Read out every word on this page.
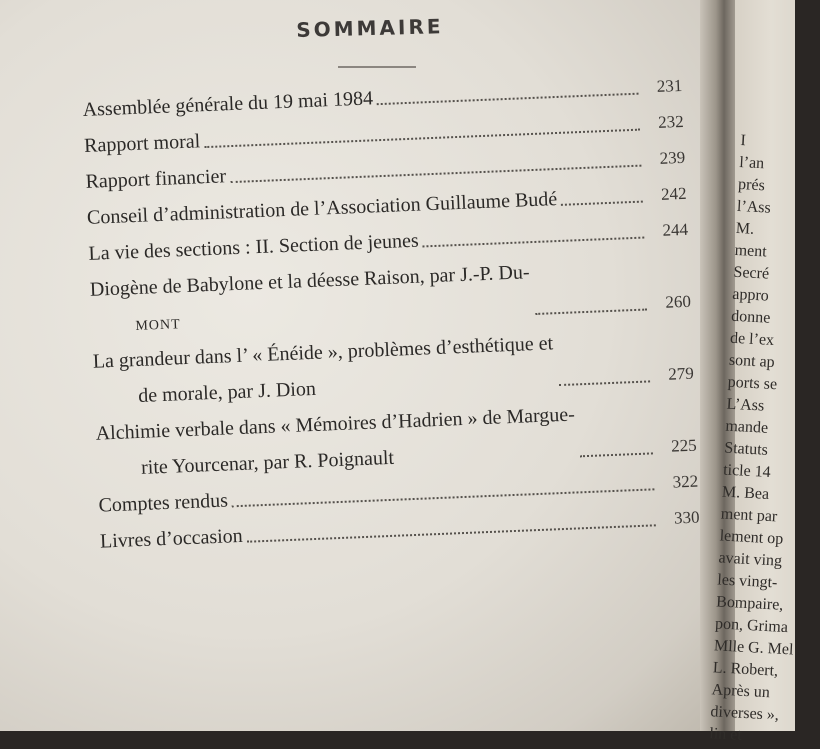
SOMMAIRE
Assemblée générale du 19 mai 1984
231
Rapport moral
232
Rapport financier
239
Conseil d’administration de l’Association Guillaume Budé	242
La vie des sections : II. Section de jeunes	244
Diogène de Babylone et la déesse Raison, par J.-P. Du-
mont
260
La grandeur dans l’ « Énéide », problèmes d’esthétique et
de morale, par J. Dion
279
Alchimie verbale dans « Mémoires d’Hadrien » de Margue-
rite Yourcenar, par R. Poignault
225
Comptes rendus
322
Livres d’occasion
330
I
l’an
prés
l’Ass
M.
ment
Secré
appro
donne
de l’ex
sont ap
ports se
L’Ass
mande
Statuts
ticle 14
M. Bea
ment par
lement op
avait ving
les vingt-
Bompaire,
pon, Grima
Mlle G. Mel
L. Robert,
Après un
diverses »,
lin et
